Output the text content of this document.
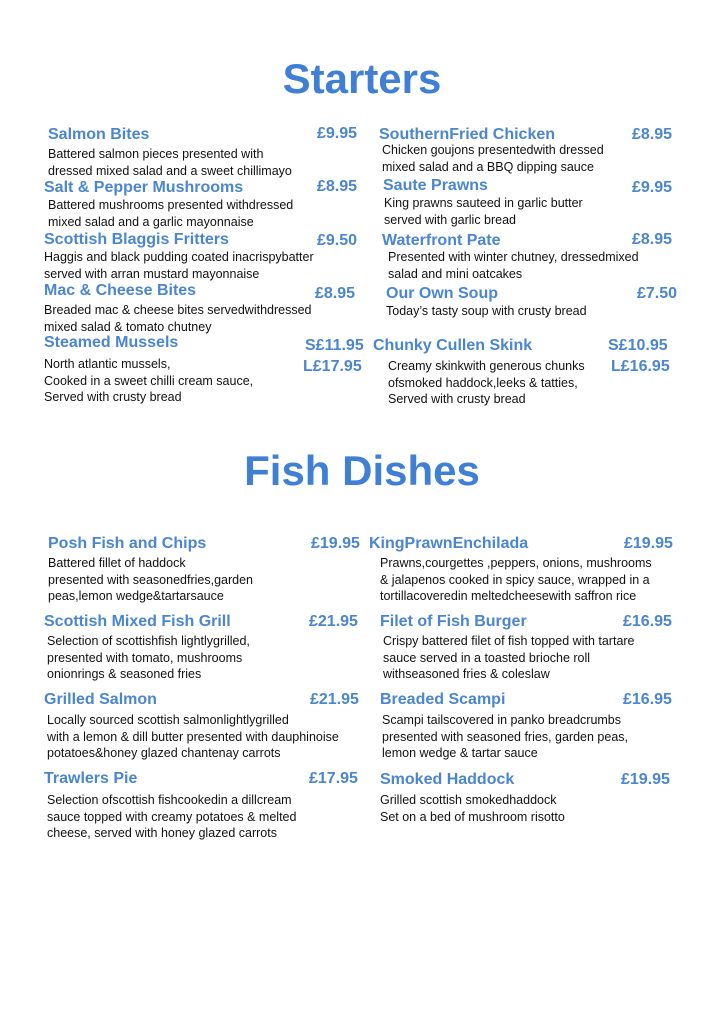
Starters
Fish Dishes
Salmon Bites	£9.95
Battered salmon pieces presented with
dressed mixed salad and a sweet chillimayo
SouthernFried Chicken	£8.95
Chicken goujons presentedwith dressed
mixed salad and a BBQ dipping sauce
Salt & Pepper Mushrooms	£8.95
Battered mushrooms presented withdressed
mixed salad and a garlic mayonnaise
Saute Prawns	£9.95
King prawns sauteed in garlic butter
served with garlic bread
Scottish Blaggis Fritters	£9.50
Haggis and black pudding coated inacrispybatter
served with arran mustard mayonnaise
Waterfront Pate	£8.95
Presented with winter chutney, dressedmixed
salad and mini oatcakes
Mac & Cheese Bites	£8.95
Breaded mac & cheese bites servedwithdressed
mixed salad & tomato chutney
Our Own Soup	£7.50
Today’s tasty soup with crusty bread
Steamed Mussels	S£11.95
L£17.95
North atlantic mussels,
Cooked in a sweet chilli cream sauce,
Served with crusty bread
Chunky Cullen Skink	S£10.95
L£16.95
Creamy skinkwith generous chunks
ofsmoked haddock,leeks & tatties,
Served with crusty bread
Posh Fish and Chips	£19.95
Battered fillet of haddock
presented with seasonedfries,garden
peas,lemon wedge&tartarsauce
KingPrawnEnchilada	£19.95
Prawns,courgettes ,peppers, onions, mushrooms
& jalapenos cooked in spicy sauce, wrapped in a
tortillacoveredin meltedcheesewith saffron rice
Scottish Mixed Fish Grill	£21.95
Selection of scottishfish lightlygrilled,
presented with tomato, mushrooms
onionrings & seasoned fries
Filet of Fish Burger	£16.95
Crispy battered filet of fish topped with tartare
sauce served in a toasted brioche roll
withseasoned fries & coleslaw
Grilled Salmon	£21.95
Locally sourced scottish salmonlightlygrilled
with a lemon & dill butter presented with dauphinoise
potatoes&honey glazed chantenay carrots
Breaded Scampi	£16.95
Scampi tailscovered in panko breadcrumbs
presented with seasoned fries, garden peas,
lemon wedge & tartar sauce
Trawlers Pie	£17.95
Selection ofscottish fishcookedin a dillcream
sauce topped with creamy potatoes & melted
cheese, served with honey glazed carrots
Smoked Haddock	£19.95
Grilled scottish smokedhaddock
Set on a bed of mushroom risotto
